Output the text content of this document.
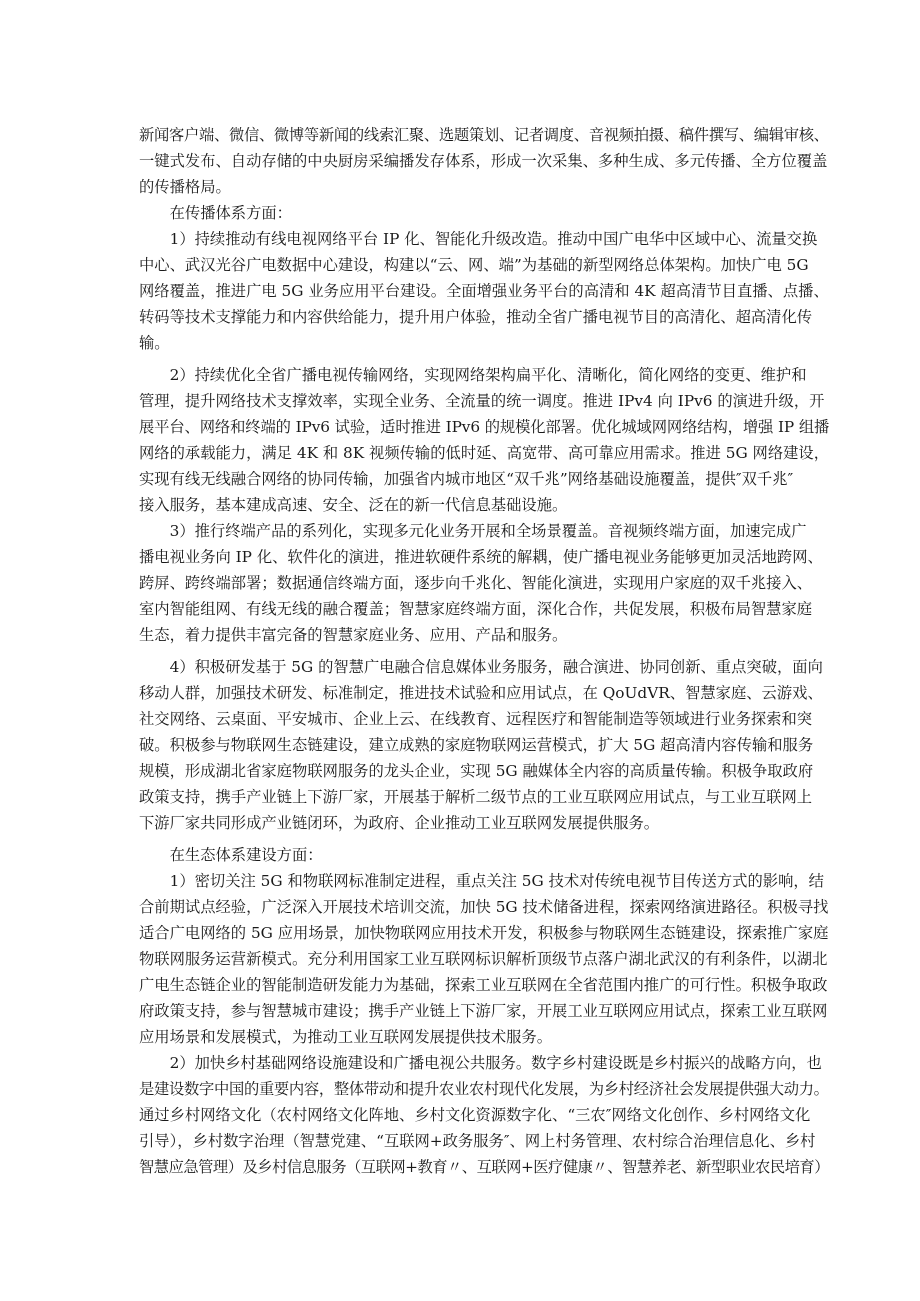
新闻客户端、微信、微博等新闻的线索汇聚、选题策划、记者调度、音视频拍摄、稿件撰写、编辑审核、
一键式发布、自动存储的中央厨房采编播发存体系，形成一次采集、多种生成、多元传播、全方位覆盖
的传播格局。
　　在传播体系方面：
　　1）持续推动有线电视网络平台 IP 化、智能化升级改造。推动中国广电华中区域中心、流量交换
中心、武汉光谷广电数据中心建设，构建以“云、网、端”为基础的新型网络总体架构。加快广电 5G
网络覆盖，推进广电 5G 业务应用平台建设。全面增强业务平台的高清和 4K 超高清节目直播、点播、
转码等技术支撑能力和内容供给能力，提升用户体验，推动全省广播电视节目的高清化、超高清化传
输。
　　2）持续优化全省广播电视传输网络，实现网络架构扁平化、清晰化，简化网络的变更、维护和
管理，提升网络技术支撑效率，实现全业务、全流量的统一调度。推进 IPv4 向 IPv6 的演进升级，开
展平台、网络和终端的 IPv6 试验，适时推进 IPv6 的规模化部署。优化城域网网络结构，增强 IP 组播
网络的承载能力，满足 4K 和 8K 视频传输的低时延、高宽带、高可靠应用需求。推进 5G 网络建设，
实现有线无线融合网络的协同传输，加强省内城市地区“双千兆”网络基础设施覆盖，提供″双千兆″
接入服务，基本建成高速、安全、泛在的新一代信息基础设施。
　　3）推行终端产品的系列化，实现多元化业务开展和全场景覆盖。音视频终端方面，加速完成广
播电视业务向 IP 化、软件化的演进，推进软硬件系统的解耦，使广播电视业务能够更加灵活地跨网、
跨屏、跨终端部署；数据通信终端方面，逐步向千兆化、智能化演进，实现用户家庭的双千兆接入、
室内智能组网、有线无线的融合覆盖；智慧家庭终端方面，深化合作，共促发展，积极布局智慧家庭
生态，着力提供丰富完备的智慧家庭业务、应用、产品和服务。
　　4）积极研发基于 5G 的智慧广电融合信息媒体业务服务，融合演进、协同创新、重点突破，面向
移动人群，加强技术研发、标准制定，推进技术试验和应用试点，在 QoUdVR、智慧家庭、云游戏、
社交网络、云桌面、平安城市、企业上云、在线教育、远程医疗和智能制造等领域进行业务探索和突
破。积极参与物联网生态链建设，建立成熟的家庭物联网运营模式，扩大 5G 超高清内容传输和服务
规模，形成湖北省家庭物联网服务的龙头企业，实现 5G 融媒体全内容的高质量传输。积极争取政府
政策支持，携手产业链上下游厂家，开展基于解析二级节点的工业互联网应用试点，与工业互联网上
下游厂家共同形成产业链闭环，为政府、企业推动工业互联网发展提供服务。
　　在生态体系建设方面：
　　1）密切关注 5G 和物联网标准制定进程，重点关注 5G 技术对传统电视节目传送方式的影响，结
合前期试点经验，广泛深入开展技术培训交流，加快 5G 技术储备进程，探索网络演进路径。积极寻找
适合广电网络的 5G 应用场景，加快物联网应用技术开发，积极参与物联网生态链建设，探索推广家庭
物联网服务运营新模式。充分利用国家工业互联网标识解析顶级节点落户湖北武汉的有利条件，以湖北
广电生态链企业的智能制造研发能力为基础，探索工业互联网在全省范围内推广的可行性。积极争取政
府政策支持，参与智慧城市建设；携手产业链上下游厂家，开展工业互联网应用试点，探索工业互联网
应用场景和发展模式，为推动工业互联网发展提供技术服务。
　　2）加快乡村基础网络设施建设和广播电视公共服务。数字乡村建设既是乡村振兴的战略方向，也
是建设数字中国的重要内容，整体带动和提升农业农村现代化发展，为乡村经济社会发展提供强大动力。
通过乡村网络文化（农村网络文化阵地、乡村文化资源数字化、“三农″网络文化创作、乡村网络文化
引导），乡村数字治理（智慧党建、“互联网+政务服务″、网上村务管理、农村综合治理信息化、乡村
智慧应急管理）及乡村信息服务（互联网+教育〃、互联网+医疗健康〃、智慧养老、新型职业农民培育）
